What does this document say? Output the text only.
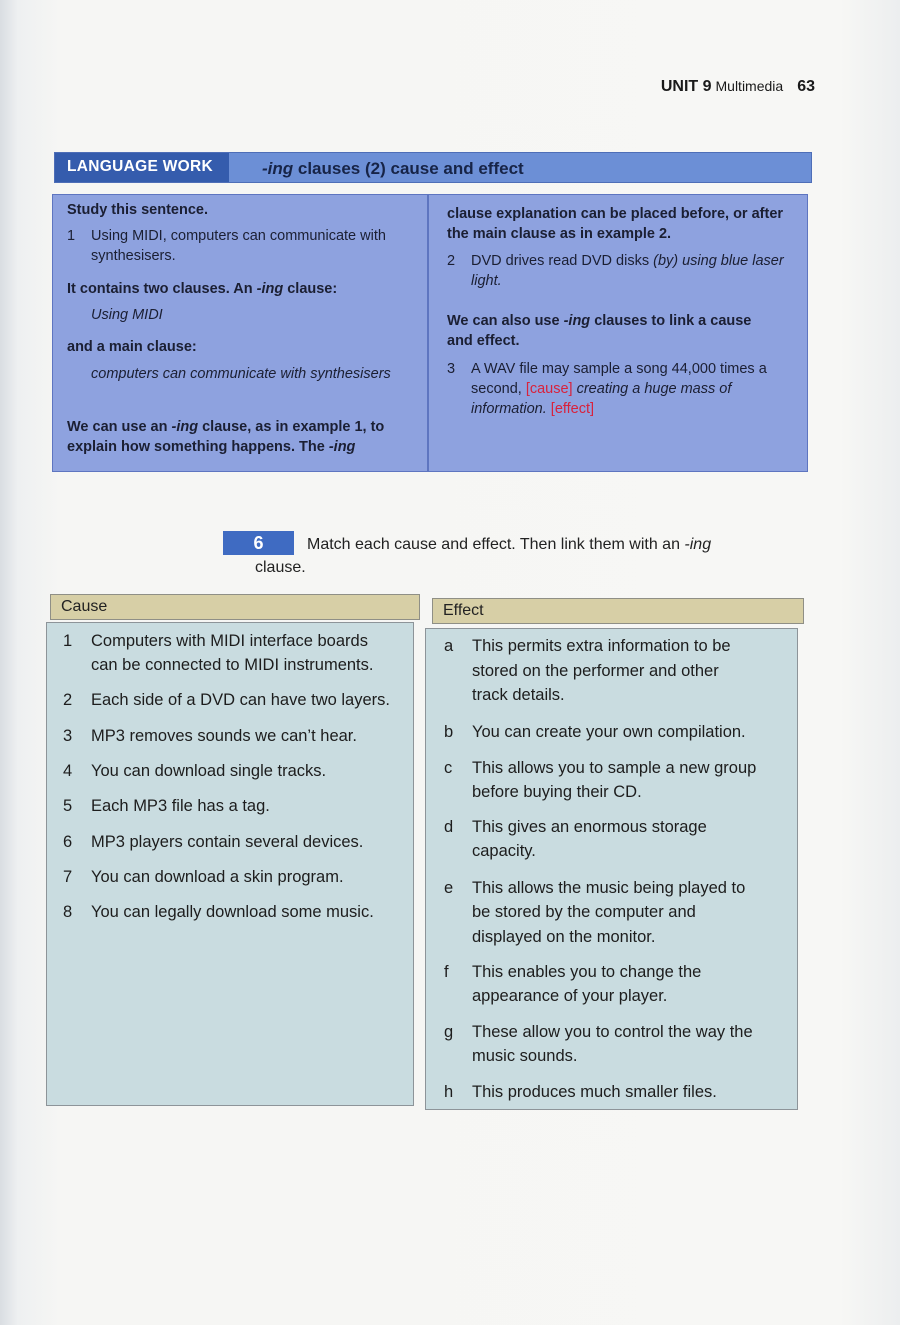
UNIT 9 Multimedia 63
LANGUAGE WORK	-ing clauses (2) cause and effect

Study this sentence.

1	Using MIDI, computers can communicate with synthesisers.

It contains two clauses. An -ing clause:

Using MIDI

and a main clause:

computers can communicate with synthesisers

We can use an -ing clause, as in example 1, to explain how something happens. The -ing

clause explanation can be placed before, or after the main clause as in example 2.

2	DVD drives read DVD disks (by) using blue laser light.

We can also use -ing clauses to link a cause and effect.

3	A WAV file may sample a song 44,000 times a second, [cause] creating a huge mass of information. [effect]

6	Match each cause and effect. Then link them with an -ing
clause.
Cause
1 Computers with MIDI interface boards
can be connected to MIDI instruments.
2 Each side of a DVD can have two layers.
3 MP3 removes sounds we can’t hear.
4 You can download single tracks.
5 Each MP3 file has a tag.
6 MP3 players contain several devices.
7 You can download a skin program.
8 You can legally download some music.
Effect
a This permits extra information to be
stored on the performer and other
track details.
b You can create your own compilation.
c This allows you to sample a new group
before buying their CD.
d This gives an enormous storage
capacity.
e This allows the music being played to
be stored by the computer and
displayed on the monitor.
f This enables you to change the
appearance of your player.
g These allow you to control the way the
music sounds.
h This produces much smaller files.
